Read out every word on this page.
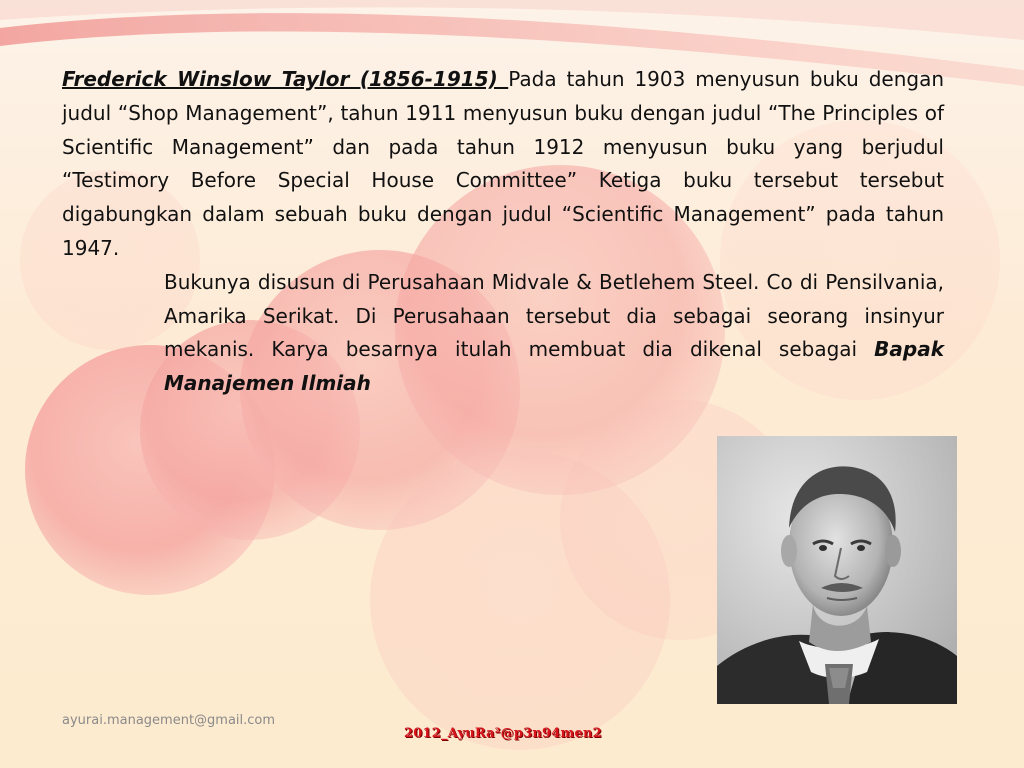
Frederick Winslow Taylor (1856-1915) Pada tahun 1903 menyusun buku dengan judul “Shop Management”, tahun 1911 menyusun buku dengan judul “The Principles of Scientific Management” dan pada tahun 1912 menyusun buku yang berjudul “Testimory Before Special House Committee” Ketiga buku tersebut tersebut digabungkan dalam sebuah buku dengan judul “Scientific Management” pada tahun 1947.

Bukunya disusun di Perusahaan Midvale & Betlehem Steel. Co di Pensilvania, Amarika Serikat. Di Perusahaan tersebut dia sebagai seorang insinyur mekanis. Karya besarnya itulah membuat dia dikenal sebagai Bapak Manajemen Ilmiah

ayurai.management@gmail.com
2012_AyuRa²@p3n94men2
